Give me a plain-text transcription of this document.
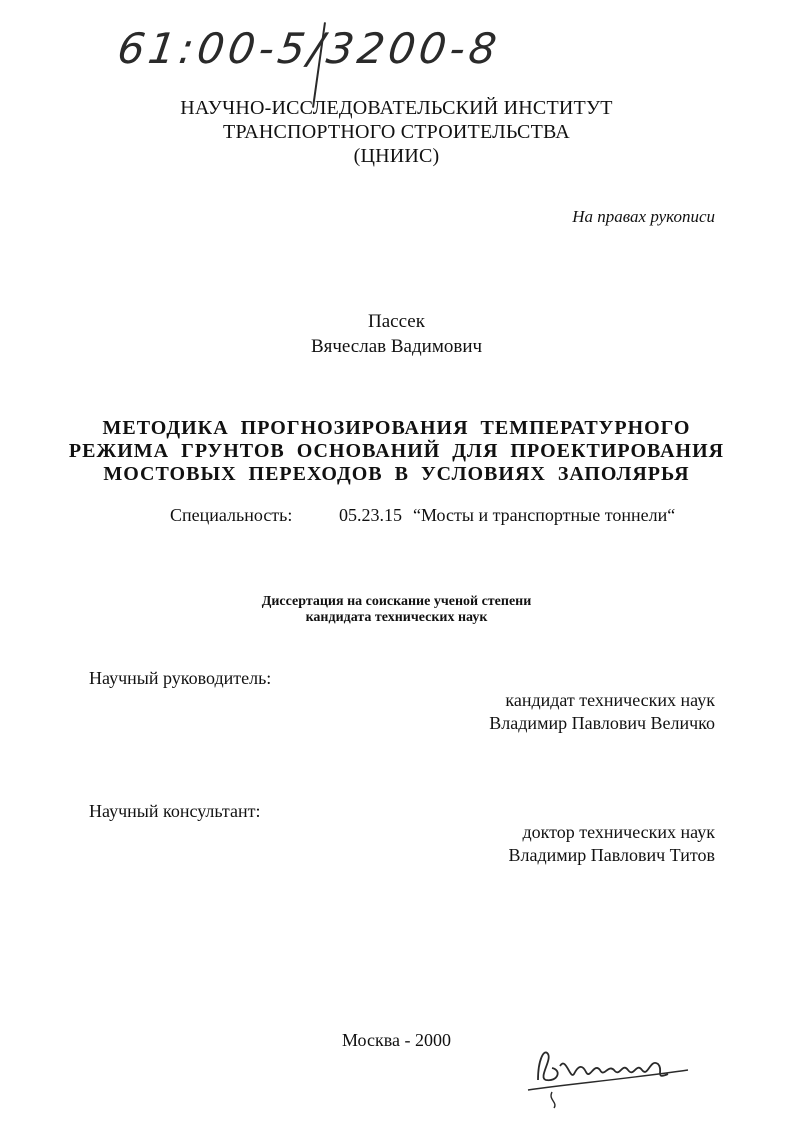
61:00-5/3200-8
НАУЧНО-ИССЛЕДОВАТЕЛЬСКИЙ ИНСТИТУТ
ТРАНСПОРТНОГО СТРОИТЕЛЬСТВА
(ЦНИИС)
На правах рукописи
Пассек
Вячеслав Вадимович
МЕТОДИКА ПРОГНОЗИРОВАНИЯ ТЕМПЕРАТУРНОГО
РЕЖИМА ГРУНТОВ ОСНОВАНИЙ ДЛЯ ПРОЕКТИРОВАНИЯ
МОСТОВЫХ ПЕРЕХОДОВ В УСЛОВИЯХ ЗАПОЛЯРЬЯ
Специальность:	05.23.15 “Мосты и транспортные тоннели“
Диссертация на соискание ученой степени
кандидата технических наук
Научный руководитель:
кандидат технических наук
Владимир Павлович Величко
Научный консультант:
доктор технических наук
Владимир Павлович Титов
Москва - 2000
